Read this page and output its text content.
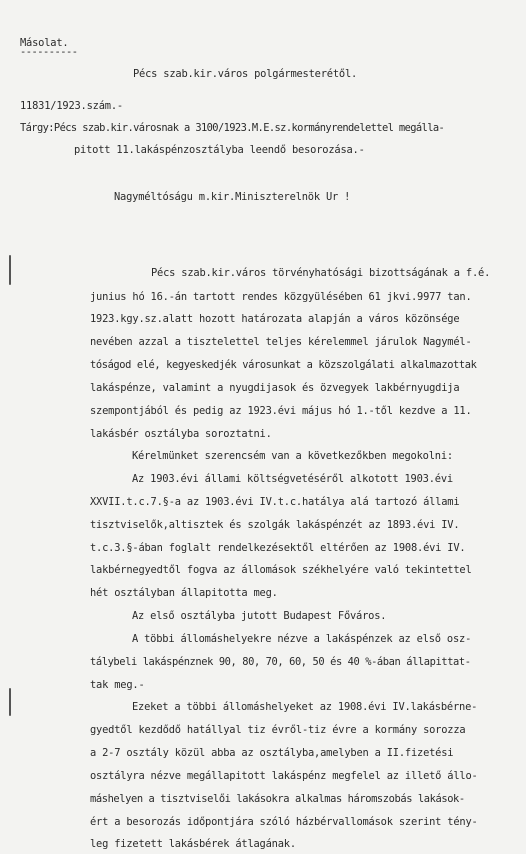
Másolat.
----------
Pécs szab.kir.város polgármesterétől.
11831/1923.szám.-
Tárgy:Pécs szab.kir.városnak a 3100/1923.M.E.sz.kormányrendelettel megálla-
pitott 11.lakáspénzosztályba leendő besorozása.-
Nagyméltóságu m.kir.Miniszterelnök Ur !
Pécs szab.kir.város törvényhatósági bizottságának a f.é.
junius hó 16.-án tartott rendes közgyülésében 61 jkvi.9977 tan.
1923.kgy.sz.alatt hozott határozata alapján a város közönsége
nevében azzal a tisztelettel teljes kérelemmel járulok Nagymél-
tóságod elé, kegyeskedjék városunkat a közszolgálati alkalmazottak
lakáspénze, valamint a nyugdijasok és özvegyek lakbérnyugdija
szempontjából és pedig az 1923.évi május hó 1.-től kezdve a 11.
lakásbér osztályba soroztatni.
Kérelmünket szerencsém van a következőkben megokolni:
Az 1903.évi állami költségvetéséről alkotott 1903.évi
XXVII.t.c.7.§-a az 1903.évi IV.t.c.hatálya alá tartozó állami
tisztviselők,altisztek és szolgák lakáspénzét az 1893.évi IV.
t.c.3.§-ában foglalt rendelkezésektől eltérően az 1908.évi IV.
lakbérnegyedtől fogva az állomások székhelyére való tekintettel
hét osztályban állapitotta meg.
Az első osztályba jutott Budapest Főváros.
A többi állomáshelyekre nézve a lakáspénzek az első osz-
tálybeli lakáspénznek 90, 80, 70, 60, 50 és 40 %-ában állapittat-
tak meg.-
Ezeket a többi állomáshelyeket az 1908.évi IV.lakásbérne-
gyedtől kezdődő hatállyal tiz évről-tiz évre a kormány sorozza
a 2-7 osztály közül abba az osztályba,amelyben a II.fizetési
osztályra nézve megállapitott lakáspénz megfelel az illető állo-
máshelyen a tisztviselői lakásokra alkalmas háromszobás lakások-
ért a besorozás időpontjára szóló házbérvallomások szerint tény-
leg fizetett lakásbérek átlagának.
